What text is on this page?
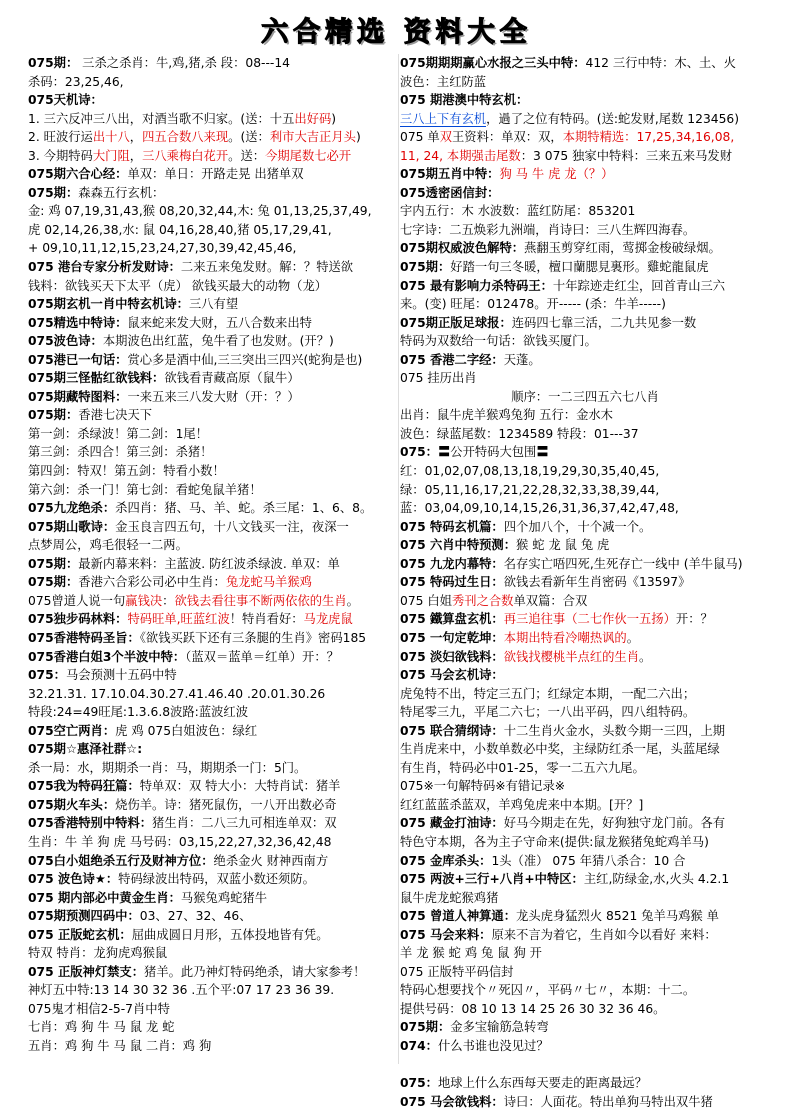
六合精选 资料大全
075期： 三杀之杀肖：牛,鸡,猪,杀 段：08---14
杀码：23,25,46,
075天机诗：
1. 三六反冲三八出，对酒当歌不归家。(送：十五出好码)
2. 旺波行运出十八，四五合数八来现。(送：利市大吉正月头)
3. 今期特码大门阻，三八乘梅白花开。送：今期尾数七必开
075期六合心经：单双：单日：开路走晃 出猪单双
075期：森森五行玄机：
金: 鸡 07,19,31,43,猴 08,20,32,44,木: 兔 01,13,25,37,49,
虎 02,14,26,38,水: 鼠 04,16,28,40,猪 05,17,29,41,
+ 09,10,11,12,15,23,24,27,30,39,42,45,46,
075 港台专家分析发财诗：二来五来兔发财。解：？特送欲
钱料：欲钱买天下太平（虎） 欲钱买最大的动物（龙）
075期玄机一肖中特玄机诗：三八有望
075精选中特诗：鼠来蛇来发大财，五八合数来出特
075波色诗：本期波色出红蓝，兔牛看了也发财。(开？)
075港已一句话：赏心多是酒中仙,三三突出三四兴(蛇狗是也)
075期三怪骷红欲钱料：欲钱看青藏高原（鼠牛）
075期藏特图料：一来五来三八发大财（开：？）
075期：香港七决天下
第一剑：杀绿波！第二剑：1尾！
第三剑：杀四合！第三剑：杀猪！
第四剑：特双！第五剑：特看小数！
第六剑：杀一门！第七剑：看蛇兔鼠羊猪！
075九龙绝杀：杀四肖：猪、马、羊、蛇。杀三尾：1、6、8。
075期山歌诗：金玉良言四五句，十八文钱买一注，夜深一
点梦周公，鸡毛很轻一二两。
075期：最新内幕来料：主蓝波. 防红波杀绿波. 单双：单
075期：香港六合彩公司必中生肖：兔龙蛇马羊猴鸡
075曾道人说一句赢钱决：欲钱去看往事不断两依依的生肖。
075独步码林料：特码旺单,旺蓝红波！特肖看好：马龙虎鼠
075香港特码圣旨：《欲钱买跃下还有三条腿的生肖》密码185
075香港白姐3个半波中特：（蓝双＝蓝单＝红单）开：？
075：马会预测十五码中特
32.21.31. 17.10.04.30.27.41.46.40 .20.01.30.26
特段:24=49旺尾:1.3.6.8波路:蓝波红波
075空亡两肖：虎 鸡 075白姐波色：绿红
075期☆惠泽社群☆:
杀一局：水，期期杀一肖：马，期期杀一门：5门。
075我为特码狂篇：特单双：双 特大小：大特肖试：猪羊
075期火车头：烧伤羊。诗：猪死鼠伤，一八开出数必奇
075香港特别中特料：猪生肖：二八三九可相连单双：双
生肖：牛 羊 狗 虎 马号码：03,15,22,27,32,36,42,48
075白小姐绝杀五行及财神方位：绝杀金火 财神西南方
075 波色诗★：特码绿波出特码，双蓝小数还须防。
075 期内部必中黄金生肖：马猴兔鸡蛇猪牛
075期预测四码中：03、27、32、46、
075 正版蛇玄机：屈曲成圆日月形，五体投地皆有凭。
特双 特肖：龙狗虎鸡猴鼠
075 正版神灯禁支：猪羊。此乃神灯特码绝杀，请大家参考！
神灯五中特:13 14 30 32 36 .五个平:07 17 23 36 39.
075鬼才相信2-5-7肖中特
七肖：鸡 狗 牛 马 鼠 龙 蛇
五肖：鸡 狗 牛 马 鼠 二肖：鸡 狗
075期期期赢心水报之三头中特：412 三行中特：木、土、火
波色：主红防蓝
075 期港澳中特玄机：
三八上下有玄机，過了之位有特码。(送:蛇发财,尾数 123456)
075 单双王资料：单双：双，本期特精选：17,25,34,16,08,
11, 24, 本期强击尾数：3 075 独家中特料：三来五来马发财
075期五肖中特：狗 马 牛 虎 龙（？）
075透密函信封：
宇内五行：木 水波数：蓝红防尾：853201
七字诗：二五焕彩九洲端，肖诗曰：三八生辉四海春。
075期权威波色解特：燕翻玉剪穿红雨，莺掷金梭破绿烟。
075期：好踏一句三冬暖，檀口蘭腮見裏形。雞蛇龍鼠虎
075 最有影响力杀特码王：十年踪迹走红尘，回首青山三六
来。(变) 旺尾：012478。开----- (杀：牛羊-----)
075期正版足球报：连码四七靠三活，二九共见参一数
特码为双数给一句话：欲钱买厦门。
075 香港二字经：天蓬。
075 挂历出肖
顺序：一二三四五六七八肖
出肖：鼠牛虎羊猴鸡兔狗 五行：金水木
波色：绿蓝尾数：1234589 特段：01---37
075：〓公开特码大包围〓
红：01,02,07,08,13,18,19,29,30,35,40,45,
绿：05,11,16,17,21,22,28,32,33,38,39,44,
蓝：03,04,09,10,14,15,26,31,36,37,42,47,48,
075 特码玄机篇：四个加八个，十个减一个。
075 六肖中特预测：猴 蛇 龙 鼠 兔 虎
075 九龙内幕特：名存实亡唔四死,生死存亡一线中 (羊牛鼠马)
075 特码过生日：欲钱去看新年生肖密码《13597》
075 白姐秀刊之合数单双篇：合双
075 鐵算盘玄机：再三追往事（二七作伙一五扬）开：？
075 一句定乾坤：本期出特看冷嘲热讽的。
075 淡妇欲钱料：欲钱找樱桃半点红的生肖。
075 马会玄机诗：
虎兔特不出，特定三五门；红绿定本期，一配二六出；
特尾零三九，平尾二六七；一八出平码，四八组特码。
075 联合猜纲诗：十二生肖火金水，头数今期一三四，上期
生肖虎来中，小数单数必中奖，主绿防红杀一尾，头蓝尾绿
有生肖，特码必中01-25，零一二五六九尾。
075※一句解特码※有错记录※
红红蓝蓝杀蓝双，羊鸡兔虎来中本期。[开？]
075 藏金打油诗：好马今期走在先，好狗独守龙门前。各有
特色守本期，各为主子守命来(提供:鼠龙猴猪兔蛇鸡羊马)
075 金库杀头：1头（准） 075 年猜八杀合：10 合
075 两波+三行+八肖+中特区：主红,防绿金,水,火头 4.2.1
鼠牛虎龙蛇猴鸡猪
075 曾道人神算通：龙头虎身猛烈火 8521 兔羊马鸡猴 单
075 马会来料：原来不言为着它，生肖如今以看好 来料：
羊 龙 猴 蛇 鸡 兔 鼠 狗 开
075 正版特平码信封
特码心想要找个〃死囚〃，平码〃七〃，本期：十二。
提供号码：08 10 13 14 25 26 30 32 36 46。
075期：金多宝输筋急转弯
074：什么书谁也没见过？
075：地球上什么东西每天要走的距离最远？
075 马会欲钱料：诗曰：人面花。特出单狗马特出双牛猪
